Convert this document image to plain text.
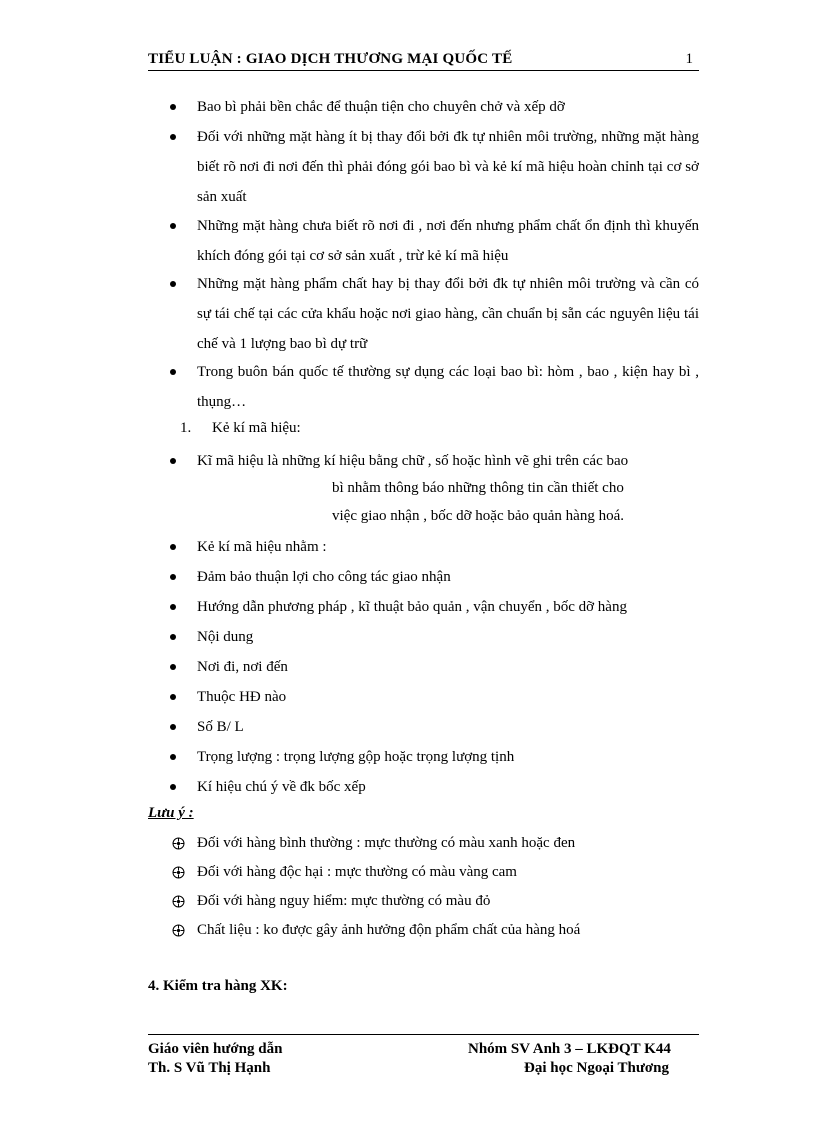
TIỂU LUẬN : GIAO DỊCH THƯƠNG MẠI QUỐC TẾ	1
Bao bì phải bền chắc để thuận tiện cho chuyên chở và xếp dỡ
Đối với những mặt hàng ít bị thay đổi bởi đk tự nhiên môi trường, những mặt hàng biết rõ nơi đi nơi đến thì phải đóng gói bao bì và kẻ kí mã hiệu hoàn chỉnh tại cơ sở sản xuất
Những mặt hàng chưa biết rõ nơi đi , nơi đến nhưng phẩm chất ổn định thì khuyến khích đóng gói tại cơ sở sản xuất , trừ kẻ kí mã hiệu
Những mặt hàng phẩm chất hay bị thay đổi bởi đk tự nhiên môi trường và cần có sự tái chế tại các cửa khẩu hoặc nơi giao hàng, cần chuẩn bị sẵn các nguyên liệu tái chế và 1 lượng bao bì dự trữ
Trong buôn bán quốc tế thường sự dụng các loại bao bì: hòm , bao , kiện hay bì , thụng…
1. Kẻ kí mã hiệu:
Kĩ mã hiệu là những kí hiệu bằng chữ , số hoặc hình vẽ ghi trên các bao
bì nhằm thông báo những thông tin cần thiết cho
việc giao nhận , bốc dỡ hoặc bảo quản hàng hoá.
Kẻ kí mã hiệu nhằm :
Đảm bảo thuận lợi cho công tác giao nhận
Hướng dẫn phương pháp , kĩ thuật bảo quản , vận chuyển , bốc dỡ hàng
Nội dung
Nơi đi, nơi đến
Thuộc HĐ nào
Số B/ L
Trọng lượng : trọng lượng gộp hoặc trọng lượng tịnh
Kí hiệu chú ý về đk bốc xếp
Lưu ý :
Đối với hàng bình thường : mực thường có màu xanh hoặc đen
Đối với hàng độc hại : mực thường có màu vàng cam
Đối với hàng nguy hiểm: mực thường có màu đỏ
Chất liệu : ko được gây ảnh hưởng độn phẩm chất của hàng hoá
4. Kiểm tra hàng XK:
Giáo viên hướng dẫn
Th. S Vũ Thị Hạnh
Nhóm SV Anh 3 – LKĐQT K44
Đại học Ngoại Thương
